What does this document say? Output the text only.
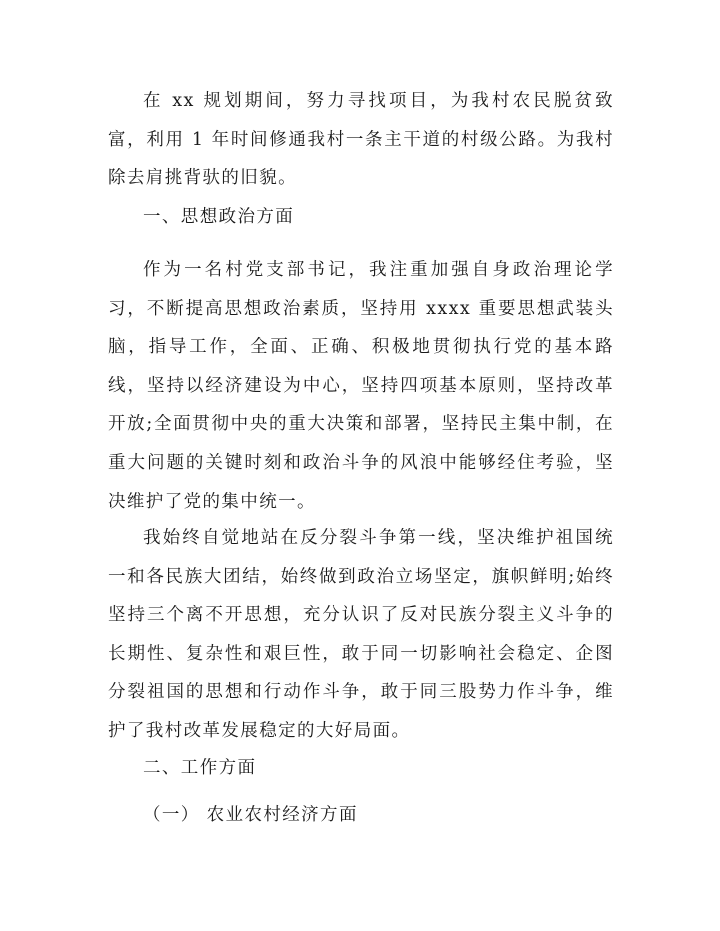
在 xx 规划期间，努力寻找项目，为我村农民脱贫致富，利用 1 年时间修通我村一条主干道的村级公路。为我村除去肩挑背驮的旧貌。

一、思想政治方面

作为一名村党支部书记，我注重加强自身政治理论学习，不断提高思想政治素质，坚持用 xxxx 重要思想武装头脑，指导工作，全面、正确、积极地贯彻执行党的基本路线，坚持以经济建设为中心，坚持四项基本原则，坚持改革开放;全面贯彻中央的重大决策和部署，坚持民主集中制，在重大问题的关键时刻和政治斗争的风浪中能够经住考验，坚决维护了党的集中统一。

我始终自觉地站在反分裂斗争第一线，坚决维护祖国统一和各民族大团结，始终做到政治立场坚定，旗帜鲜明;始终坚持三个离不开思想，充分认识了反对民族分裂主义斗争的长期性、复杂性和艰巨性，敢于同一切影响社会稳定、企图分裂祖国的思想和行动作斗争，敢于同三股势力作斗争，维护了我村改革发展稳定的大好局面。

二、工作方面

（一） 农业农村经济方面
